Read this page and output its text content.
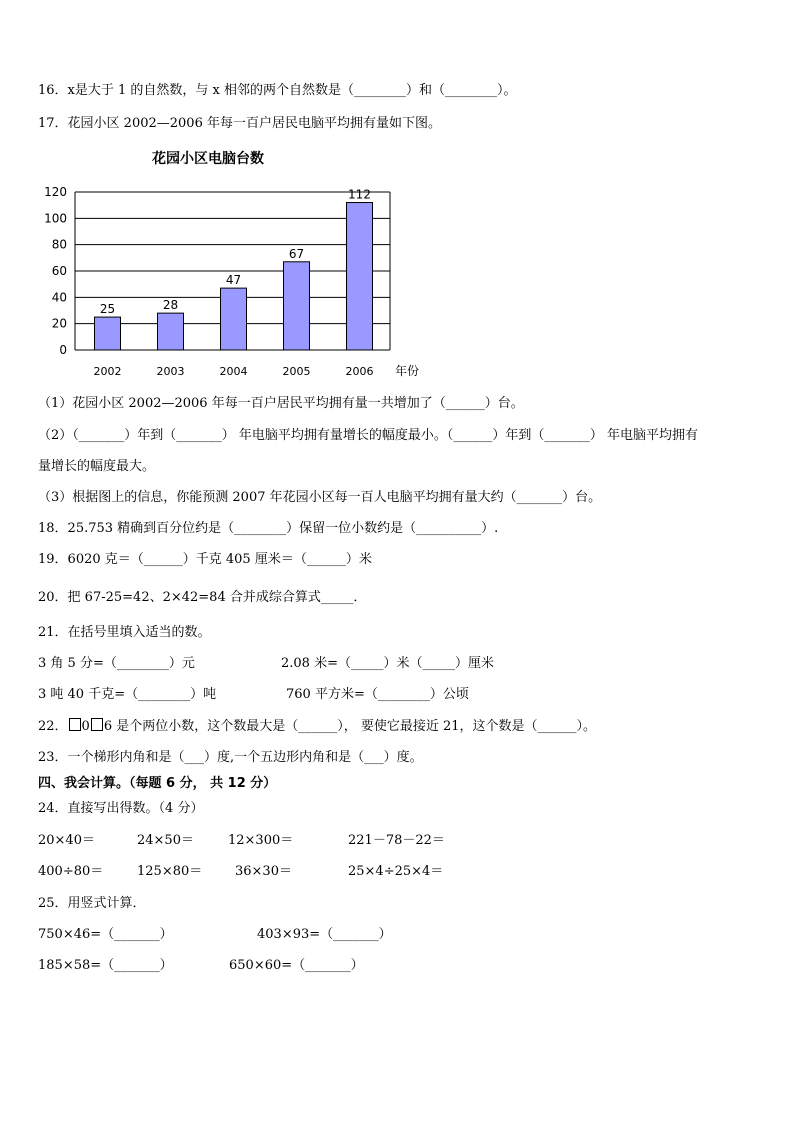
16．x是大于 1 的自然数，与 x 相邻的两个自然数是（________）和（________）。
17．花园小区 2002—2006 年每一百户居民电脑平均拥有量如下图。
花园小区电脑台数
0
20
40
60
80
100
120
25
2002
28
2003
47
2004
67
2005
112
2006 年份
（1）花园小区 2002—2006 年每一百户居民平均拥有量一共增加了（______）台。
（2）（_______）年到（_______） 年电脑平均拥有量增长的幅度最小。（______）年到（_______） 年电脑平均拥有
量增长的幅度最大。
（3）根据图上的信息，你能预测 2007 年花园小区每一百人电脑平均拥有量大约（_______）台。
18．25.753 精确到百分位约是（________）保留一位小数约是（__________）.
19．6020 克＝（______）千克 405 厘米＝（______）米
20．把 67-25=42、2×42=84 合并成综合算式_____．
21．在括号里填入适当的数。
3 角 5 分=（________）元	2.08 米=（_____）米（_____）厘米
3 吨 40 千克=（________）吨	760 平方米=（________）公顷
22． 0 6 是个两位小数，这个数最大是（______）， 要使它最接近 21，这个数是（______）。
23．一个梯形内角和是（___）度,一个五边形内角和是（___）度。
四、我会计算。（每题 6 分， 共 12 分）
24．直接写出得数。（4 分）
20×40＝	24×50＝	12×300＝	221－78－22＝
400÷80＝	125×80＝	36×30＝	25×4÷25×4＝
25．用竖式计算．
750×46=（_______）	403×93=（_______）
185×58=（_______）	650×60=（_______）
